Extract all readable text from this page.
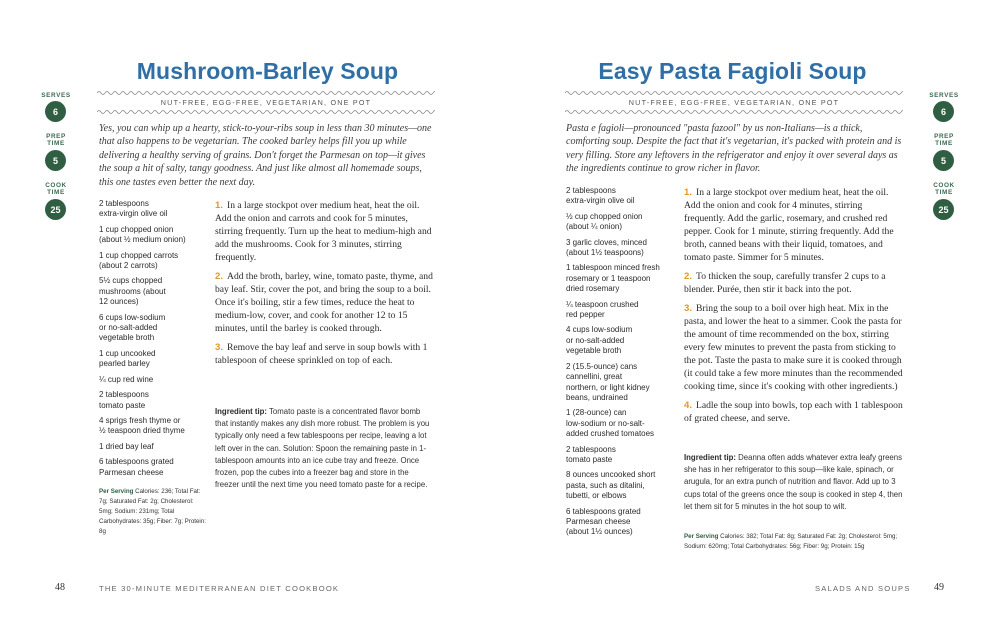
Mushroom-Barley Soup
NUT-FREE, EGG-FREE, VEGETARIAN, ONE POT
SERVES
6
PREP
TIME
5
COOK
TIME
25

Yes, you can whip up a hearty, stick-to-your-ribs soup in less than 30 minutes—one that also happens to be vegetarian. The cooked barley helps fill you up while delivering a healthy serving of grains. Don't forget the Parmesan on top—it gives the soup a hit of salty, tangy goodness. And just like almost all homemade soups, this one tastes even better the next day.

2 tablespoons
extra-virgin olive oil
1 cup chopped onion
(about ½ medium onion)
1 cup chopped carrots
(about 2 carrots)
5½ cups chopped
mushrooms (about
12 ounces)
6 cups low-sodium
or no-salt-added
vegetable broth
1 cup uncooked
pearled barley
¼ cup red wine
2 tablespoons
tomato paste
4 sprigs fresh thyme or
½ teaspoon dried thyme
1 dried bay leaf
6 tablespoons grated
Parmesan cheese

Per Serving Calories: 236; Total Fat: 7g; Saturated Fat: 2g; Cholesterol: 5mg; Sodium: 231mg; Total Carbohydrates: 35g; Fiber: 7g; Protein: 8g

1. In a large stockpot over medium heat, heat the oil. Add the onion and carrots and cook for 5 minutes, stirring frequently. Turn up the heat to medium-high and add the mushrooms. Cook for 3 minutes, stirring frequently.
2. Add the broth, barley, wine, tomato paste, thyme, and bay leaf. Stir, cover the pot, and bring the soup to a boil. Once it's boiling, stir a few times, reduce the heat to medium-low, cover, and cook for another 12 to 15 minutes, until the barley is cooked through.
3. Remove the bay leaf and serve in soup bowls with 1 tablespoon of cheese sprinkled on top of each.

Ingredient tip: Tomato paste is a concentrated flavor bomb that instantly makes any dish more robust. The problem is you typically only need a few tablespoons per recipe, leaving a lot left over in the can. Solution: Spoon the remaining paste in 1-tablespoon amounts into an ice cube tray and freeze. Once frozen, pop the cubes into a freezer bag and store in the freezer until the next time you need tomato paste for a recipe.

48	THE 30-MINUTE MEDITERRANEAN DIET COOKBOOK
Easy Pasta Fagioli Soup
NUT-FREE, EGG-FREE, VEGETARIAN, ONE POT
SERVES
6
PREP
TIME
5
COOK
TIME
25

Pasta e fagioli—pronounced "pasta fazool" by us non-Italians—is a thick, comforting soup. Despite the fact that it's vegetarian, it's packed with protein and is very filling. Store any leftovers in the refrigerator and enjoy it over several days as the ingredients continue to grow richer in flavor.

2 tablespoons
extra-virgin olive oil
½ cup chopped onion
(about ¼ onion)
3 garlic cloves, minced
(about 1½ teaspoons)
1 tablespoon minced fresh
rosemary or 1 teaspoon
dried rosemary
¼ teaspoon crushed
red pepper
4 cups low-sodium
or no-salt-added
vegetable broth
2 (15.5-ounce) cans
cannellini, great
northern, or light kidney
beans, undrained
1 (28-ounce) can
low-sodium or no-salt-
added crushed tomatoes
2 tablespoons
tomato paste
8 ounces uncooked short
pasta, such as ditalini,
tubetti, or elbows
6 tablespoons grated
Parmesan cheese
(about 1½ ounces)
1. In a large stockpot over medium heat, heat the oil. Add the onion and cook for 4 minutes, stirring frequently. Add the garlic, rosemary, and crushed red pepper. Cook for 1 minute, stirring frequently. Add the broth, canned beans with their liquid, tomatoes, and tomato paste. Simmer for 5 minutes.
2. To thicken the soup, carefully transfer 2 cups to a blender. Purée, then stir it back into the pot.
3. Bring the soup to a boil over high heat. Mix in the pasta, and lower the heat to a simmer. Cook the pasta for the amount of time recommended on the box, stirring every few minutes to prevent the pasta from sticking to the pot. Taste the pasta to make sure it is cooked through (it could take a few more minutes than the recommended cooking time, since it's cooking with other ingredients.)
4. Ladle the soup into bowls, top each with 1 tablespoon of grated cheese, and serve.

Ingredient tip: Deanna often adds whatever extra leafy greens she has in her refrigerator to this soup—like kale, spinach, or arugula, for an extra punch of nutrition and flavor. Add up to 3 cups total of the greens once the soup is cooked in step 4, then let them sit for 5 minutes in the hot soup to wilt.

Per Serving Calories: 382; Total Fat: 8g; Saturated Fat: 2g; Cholesterol: 5mg; Sodium: 620mg; Total Carbohydrates: 56g; Fiber: 9g; Protein: 15g

SALADS AND SOUPS 49
